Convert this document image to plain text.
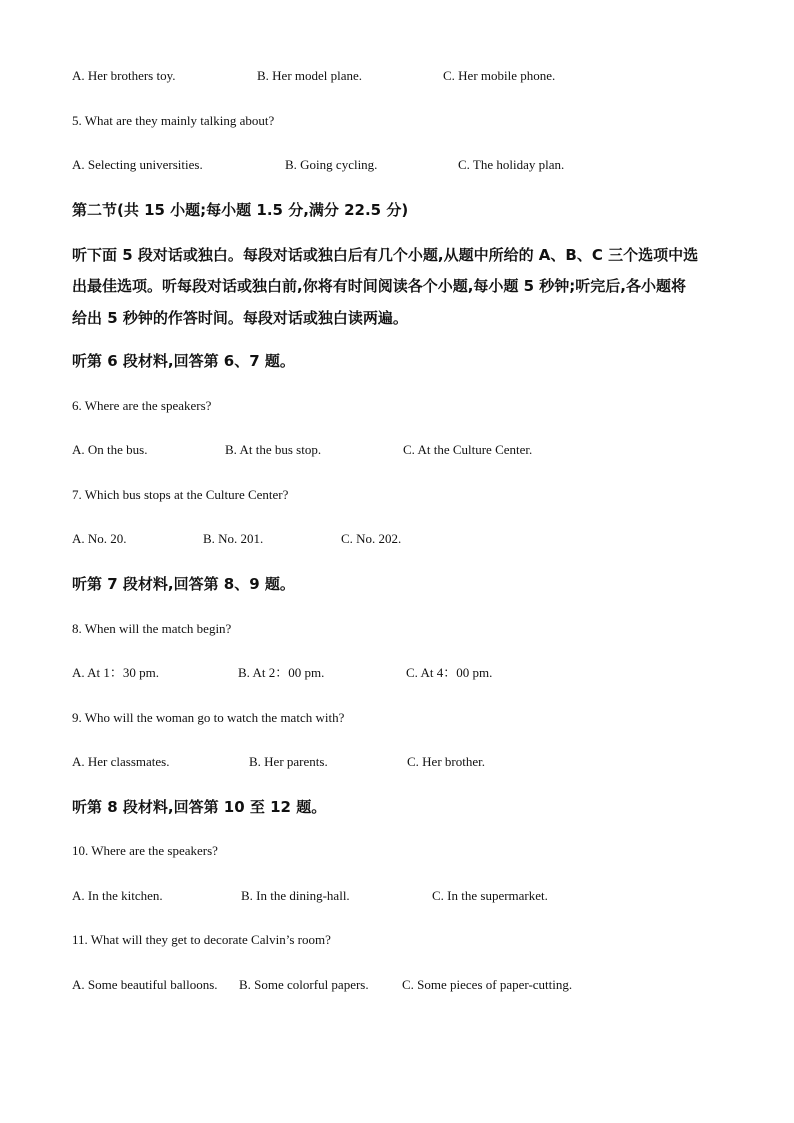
A. Her brothers toy.	B. Her model plane.	C. Her mobile phone.
5. What are they mainly talking about?
A. Selecting universities.	B. Going cycling.	C. The holiday plan.
第二节(共 15 小题;每小题 1.5 分,满分 22.5 分)
听下面 5 段对话或独白。每段对话或独白后有几个小题,从题中所给的 A、B、C 三个选项中选
出最佳选项。听每段对话或独白前,你将有时间阅读各个小题,每小题 5 秒钟;听完后,各小题将
给出 5 秒钟的作答时间。每段对话或独白读两遍。
听第 6 段材料,回答第 6、7 题。
6. Where are the speakers?
A. On the bus.	B. At the bus stop.	C. At the Culture Center.
7. Which bus stops at the Culture Center?
A. No. 20.	B. No. 201.	C. No. 202.
听第 7 段材料,回答第 8、9 题。
8. When will the match begin?
A. At 1：30 pm.	B. At 2：00 pm.	C. At 4：00 pm.
9. Who will the woman go to watch the match with?
A. Her classmates.	B. Her parents.	C. Her brother.
听第 8 段材料,回答第 10 至 12 题。
10. Where are the speakers?
A. In the kitchen.	B. In the dining-hall.	C. In the supermarket.
11. What will they get to decorate Calvin’s room?
A. Some beautiful balloons. B. Some colorful papers.	C. Some pieces of paper-cutting.
